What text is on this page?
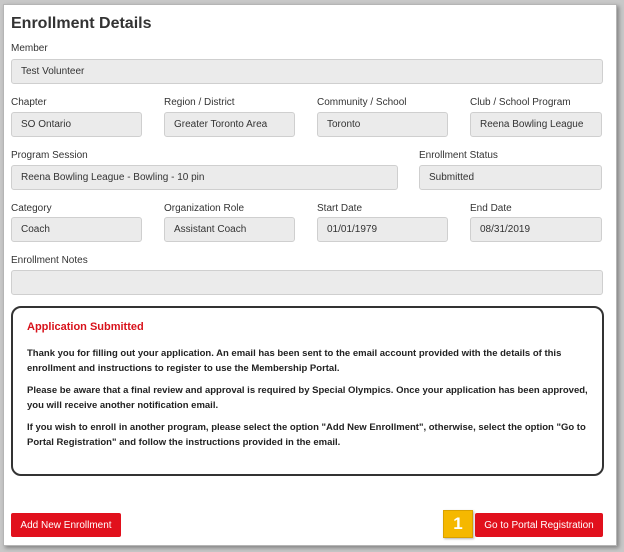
Enrollment Details
Member
Test Volunteer
Chapter
SO Ontario
Region / District
Greater Toronto Area
Community / School
Toronto
Club / School Program
Reena Bowling League
Program Session
Reena Bowling League - Bowling - 10 pin
Enrollment Status
Submitted
Category
Coach
Organization Role
Assistant Coach
Start Date
01/01/1979
End Date
08/31/2019
Enrollment Notes
Application Submitted

Thank you for filling out your application. An email has been sent to the email account provided with the details of this enrollment and instructions to register to use the Membership Portal.

Please be aware that a final review and approval is required by Special Olympics. Once your application has been approved, you will receive another notification email.

If you wish to enroll in another program, please select the option "Add New Enrollment", otherwise, select the option "Go to Portal Registration" and follow the instructions provided in the email.

Add New Enrollment	1	Go to Portal Registration
